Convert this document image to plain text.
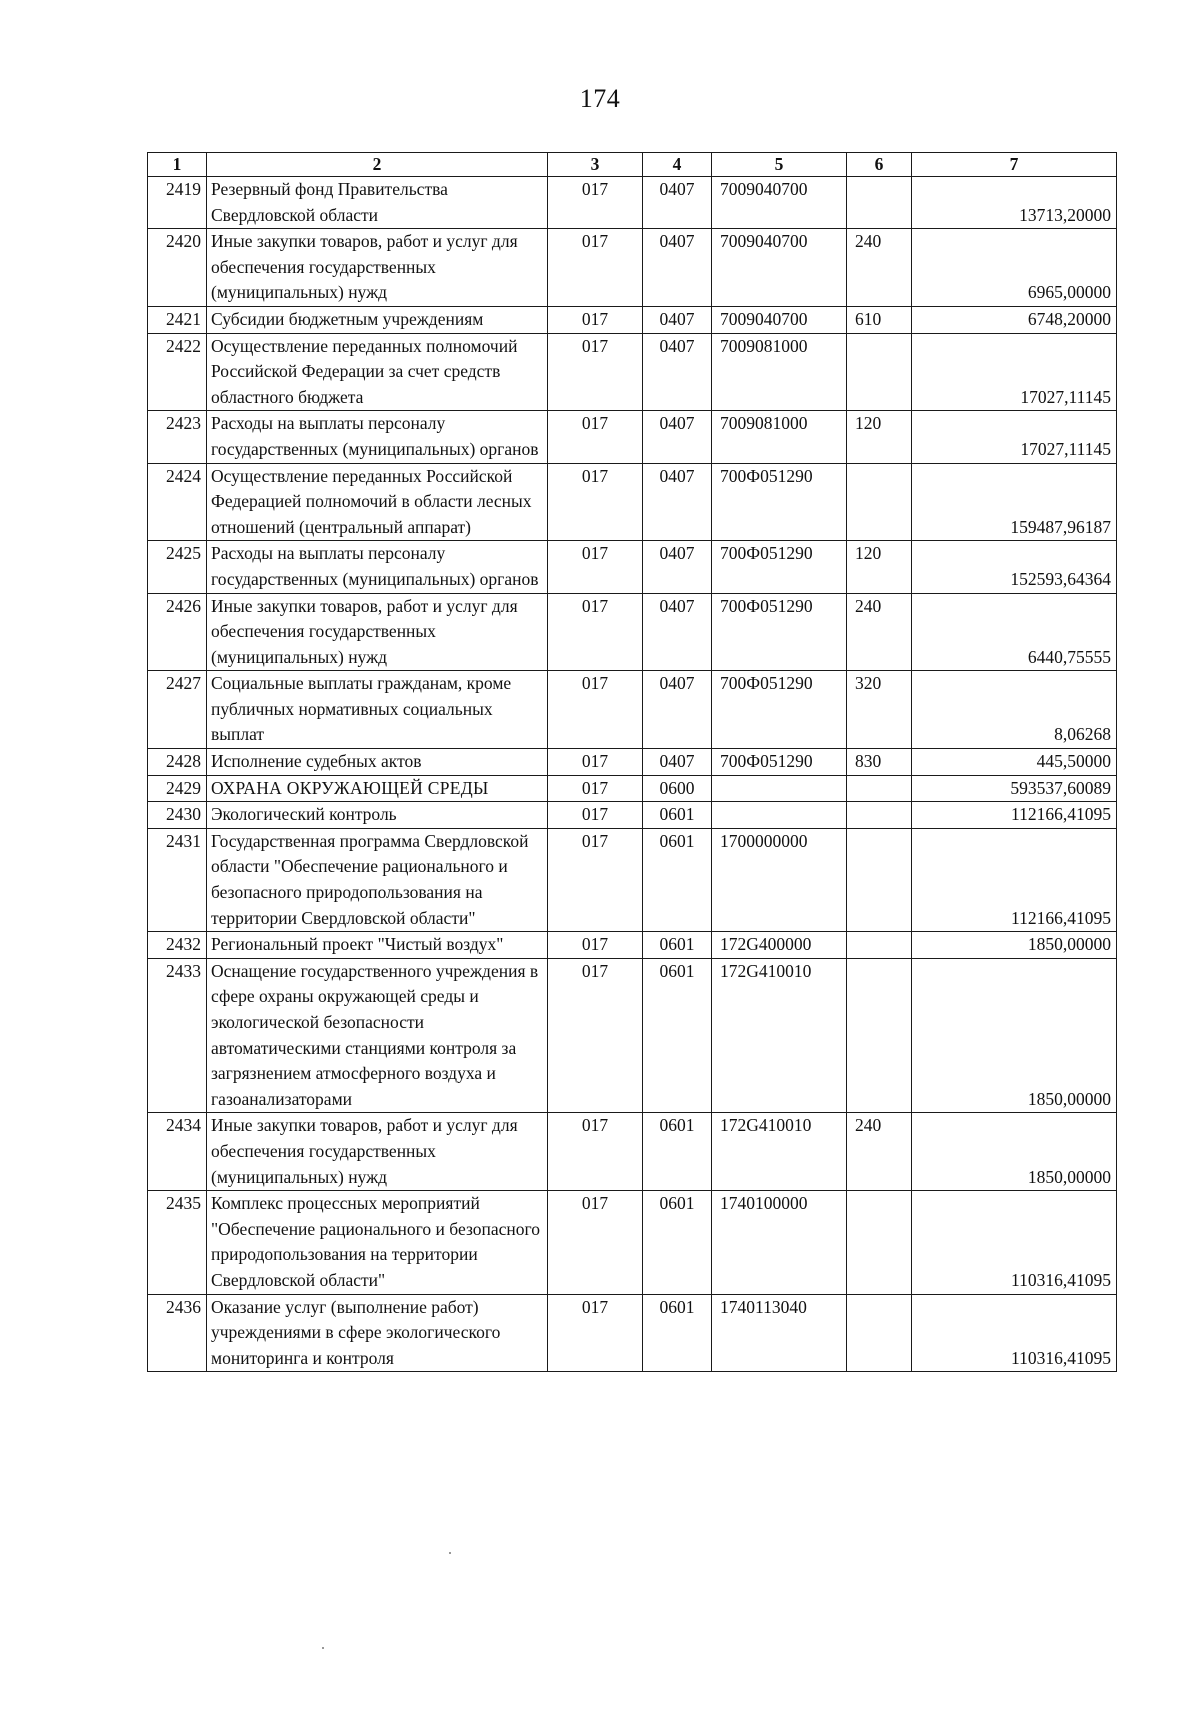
174
1	2	3	4	5	6	7
2419	Резервный фонд Правительства Свердловской области	017	0407	7009040700		13713,20000
2420	Иные закупки товаров, работ и услуг для обеспечения государственных (муниципальных) нужд	017	0407	7009040700	240	6965,00000
2421	Субсидии бюджетным учреждениям	017	0407	7009040700	610	6748,20000
2422	Осуществление переданных полномочий Российской Федерации за счет средств областного бюджета	017	0407	7009081000		17027,11145
2423	Расходы на выплаты персоналу государственных (муниципальных) органов	017	0407	7009081000	120	17027,11145
2424	Осуществление переданных Российской Федерацией полномочий в области лесных отношений (центральный аппарат)	017	0407	700Ф051290		159487,96187
2425	Расходы на выплаты персоналу государственных (муниципальных) органов	017	0407	700Ф051290	120	152593,64364
2426	Иные закупки товаров, работ и услуг для обеспечения государственных (муниципальных) нужд	017	0407	700Ф051290	240	6440,75555
2427	Социальные выплаты гражданам, кроме публичных нормативных социальных выплат	017	0407	700Ф051290	320	8,06268
2428	Исполнение судебных актов	017	0407	700Ф051290	830	445,50000
2429	ОХРАНА ОКРУЖАЮЩЕЙ СРЕДЫ	017	0600			593537,60089
2430	Экологический контроль	017	0601			112166,41095
2431	Государственная программа Свердловской области "Обеспечение рационального и безопасного природопользования на территории Свердловской области"	017	0601	1700000000		112166,41095
2432	Региональный проект "Чистый воздух"	017	0601	172G400000		1850,00000
2433	Оснащение государственного учреждения в сфере охраны окружающей среды и экологической безопасности автоматическими станциями контроля за загрязнением атмосферного воздуха и газоанализаторами	017	0601	172G410010		1850,00000
2434	Иные закупки товаров, работ и услуг для обеспечения государственных (муниципальных) нужд	017	0601	172G410010	240	1850,00000
2435	Комплекс процессных мероприятий "Обеспечение рационального и безопасного природопользования на территории Свердловской области"	017	0601	1740100000		110316,41095
2436	Оказание услуг (выполнение работ) учреждениями в сфере экологического мониторинга и контроля	017	0601	1740113040		110316,41095
